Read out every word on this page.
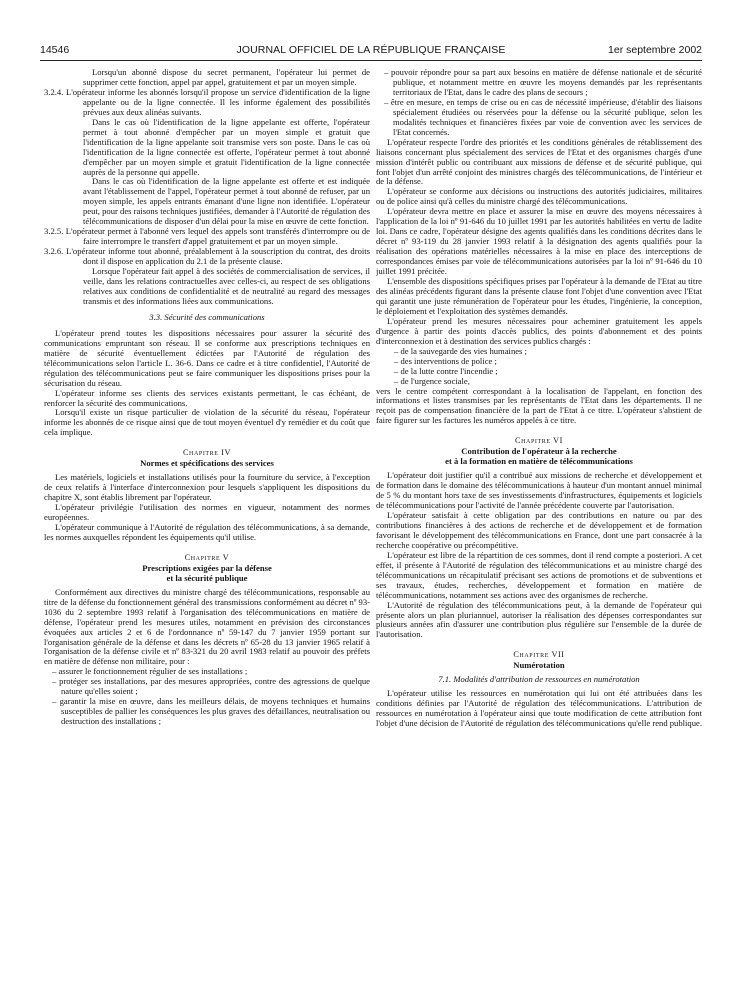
14546	JOURNAL OFFICIEL DE LA RÉPUBLIQUE FRANÇAISE	1er septembre 2002

Lorsqu'un abonné dispose du secret permanent, l'opérateur lui permet de supprimer cette fonction, appel par appel, gratuitement et par un moyen simple.

3.2.4. L'opérateur informe les abonnés lorsqu'il propose un service d'identification de la ligne appelante ou de la ligne connectée. Il les informe également des possibilités prévues aux deux alinéas suivants.

Dans le cas où l'identification de la ligne appelante est offerte, l'opérateur permet à tout abonné d'empêcher par un moyen simple et gratuit que l'identification de la ligne appelante soit transmise vers son poste. Dans le cas où l'identification de la ligne connectée est offerte, l'opérateur permet à tout abonné d'empêcher par un moyen simple et gratuit l'identification de la ligne connectée auprès de la personne qui appelle.

Dans le cas où l'identification de la ligne appelante est offerte et est indiquée avant l'établissement de l'appel, l'opérateur permet à tout abonné de refuser, par un moyen simple, les appels entrants émanant d'une ligne non identifiée. L'opérateur peut, pour des raisons techniques justifiées, demander à l'Autorité de régulation des télécommunications de disposer d'un délai pour la mise en œuvre de cette fonction.

3.2.5. L'opérateur permet à l'abonné vers lequel des appels sont transférés d'interrompre ou de faire interrompre le transfert d'appel gratuitement et par un moyen simple.

3.2.6. L'opérateur informe tout abonné, préalablement à la souscription du contrat, des droits dont il dispose en application du 2.1 de la présente clause.

Lorsque l'opérateur fait appel à des sociétés de commercialisation de services, il veille, dans les relations contractuelles avec celles-ci, au respect de ses obligations relatives aux conditions de confidentialité et de neutralité au regard des messages transmis et des informations liées aux communications.

3.3. Sécurité des communications

L'opérateur prend toutes les dispositions nécessaires pour assurer la sécurité des communications empruntant son réseau. Il se conforme aux prescriptions techniques en matière de sécurité éventuellement édictées par l'Autorité de régulation des télécommunications selon l'article L. 36-6. Dans ce cadre et à titre confidentiel, l'Autorité de régulation des télécommunications peut se faire communiquer les dispositions prises pour la sécurisation du réseau.

L'opérateur informe ses clients des services existants permettant, le cas échéant, de renforcer la sécurité des communications.

Lorsqu'il existe un risque particulier de violation de la sécurité du réseau, l'opérateur informe les abonnés de ce risque ainsi que de tout moyen éventuel d'y remédier et du coût que cela implique.

Chapitre IV

Normes et spécifications des services

Les matériels, logiciels et installations utilisés pour la fourniture du service, à l'exception de ceux relatifs à l'interface d'interconnexion pour lesquels s'appliquent les dispositions du chapitre X, sont établis librement par l'opérateur.

L'opérateur privilégie l'utilisation des normes en vigueur, notamment des normes européennes.

L'opérateur communique à l'Autorité de régulation des télécommunications, à sa demande, les normes auxquelles répondent les équipements qu'il utilise.

Chapitre V

Prescriptions exigées par la défense

et la sécurité publique

Conformément aux directives du ministre chargé des télécommunications, responsable au titre de la défense du fonctionnement général des transmissions conformément au décret nº 93-1036 du 2 septembre 1993 relatif à l'organisation des télécommunications en matière de défense, l'opérateur prend les mesures utiles, notamment en prévision des circonstances évoquées aux articles 2 et 6 de l'ordonnance nº 59-147 du 7 janvier 1959 portant sur l'organisation générale de la défense et dans les décrets nº 65-28 du 13 janvier 1965 relatif à l'organisation de la défense civile et nº 83-321 du 20 avril 1983 relatif au pouvoir des préfets en matière de défense non militaire, pour :

– assurer le fonctionnement régulier de ses installations ;

– protéger ses installations, par des mesures appropriées, contre des agressions de quelque nature qu'elles soient ;

– garantir la mise en œuvre, dans les meilleurs délais, de moyens techniques et humains susceptibles de pallier les conséquences les plus graves des défaillances, neutralisation ou destruction des installations ;

– pouvoir répondre pour sa part aux besoins en matière de défense nationale et de sécurité publique, et notamment mettre en œuvre les moyens demandés par les représentants territoriaux de l'Etat, dans le cadre des plans de secours ;

– être en mesure, en temps de crise ou en cas de nécessité impérieuse, d'établir des liaisons spécialement étudiées ou réservées pour la défense ou la sécurité publique, selon les modalités techniques et financières fixées par voie de convention avec les services de l'Etat concernés.

L'opérateur respecte l'ordre des priorités et les conditions générales de rétablissement des liaisons concernant plus spécialement des services de l'Etat et des organismes chargés d'une mission d'intérêt public ou contribuant aux missions de défense et de sécurité publique, qui font l'objet d'un arrêté conjoint des ministres chargés des télécommunications, de l'intérieur et de la défense.

L'opérateur se conforme aux décisions ou instructions des autorités judiciaires, militaires ou de police ainsi qu'à celles du ministre chargé des télécommunications.

L'opérateur devra mettre en place et assurer la mise en œuvre des moyens nécessaires à l'application de la loi nº 91-646 du 10 juillet 1991 par les autorités habilitées en vertu de ladite loi. Dans ce cadre, l'opérateur désigne des agents qualifiés dans les conditions décrites dans le décret nº 93-119 du 28 janvier 1993 relatif à la désignation des agents qualifiés pour la réalisation des opérations matérielles nécessaires à la mise en place des interceptions de correspondances émises par voie de télécommunications autorisées par la loi nº 91-646 du 10 juillet 1991 précitée.

L'ensemble des dispositions spécifiques prises par l'opérateur à la demande de l'Etat au titre des alinéas précédents figurant dans la présente clause font l'objet d'une convention avec l'Etat qui garantit une juste rémunération de l'opérateur pour les études, l'ingénierie, la conception, le déploiement et l'exploitation des systèmes demandés.

L'opérateur prend les mesures nécessaires pour acheminer gratuitement les appels d'urgence à partir des points d'accès publics, des points d'abonnement et des points d'interconnexion et à destination des services publics chargés :

– de la sauvegarde des vies humaines ;

– des interventions de police ;

– de la lutte contre l'incendie ;

– de l'urgence sociale,

vers le centre compétent correspondant à la localisation de l'appelant, en fonction des informations et listes transmises par les représentants de l'Etat dans les départements. Il ne reçoit pas de compensation financière de la part de l'Etat à ce titre. L'opérateur s'abstient de faire figurer sur les factures les numéros appelés à ce titre.

Chapitre VI

Contribution de l'opérateur à la recherche

et à la formation en matière de télécommunications

L'opérateur doit justifier qu'il a contribué aux missions de recherche et développement et de formation dans le domaine des télécommunications à hauteur d'un montant annuel minimal de 5 % du montant hors taxe de ses investissements d'infrastructures, équipements et logiciels de télécommunications pour l'activité de l'année précédente couverte par l'autorisation.

L'opérateur satisfait à cette obligation par des contributions en nature ou par des contributions financières à des actions de recherche et de développement et de formation favorisant le développement des télécommunications en France, dont une part consacrée à la recherche coopérative ou précompétitive.

L'opérateur est libre de la répartition de ces sommes, dont il rend compte a posteriori. A cet effet, il présente à l'Autorité de régulation des télécommunications et au ministre chargé des télécommunications un récapitulatif précisant ses actions de promotions et de subventions et ses travaux, études, recherches, développement et formation en matière de télécommunications, notamment ses actions avec des organismes de recherche.

L'Autorité de régulation des télécommunications peut, à la demande de l'opérateur qui présente alors un plan pluriannuel, autoriser la réalisation des dépenses correspondantes sur plusieurs années afin d'assurer une contribution plus régulière sur l'ensemble de la durée de l'autorisation.

Chapitre VII

Numérotation

7.1. Modalités d'attribution de ressources en numérotation

L'opérateur utilise les ressources en numérotation qui lui ont été attribuées dans les conditions définies par l'Autorité de régulation des télécommunications. L'attribution de ressources en numérotation à l'opérateur ainsi que toute modification de cette attribution font l'objet d'une décision de l'Autorité de régulation des télécommunications qu'elle rend publique.
